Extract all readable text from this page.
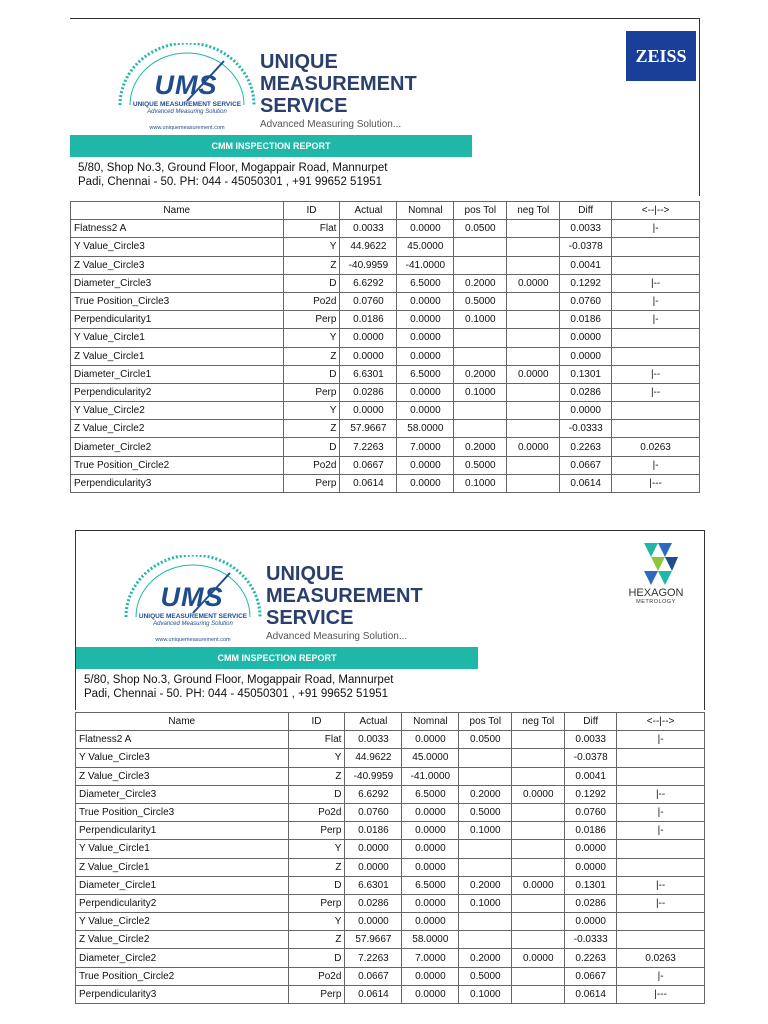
UMS
UNIQUE MEASUREMENT SERVICE
Advanced Measuring Solution
www.uniquemeasurement.com
UNIQUE
MEASUREMENT
SERVICE
Advanced Measuring Solution...
CMM INSPECTION REPORT
5/80, Shop No.3, Ground Floor, Mogappair Road, Mannurpet
Padi, Chennai - 50. PH: 044 - 45050301 , +91 99652 51951
ZEISS
Name	ID	Actual	Nomnal	pos Tol	neg Tol	Diff	<--|-->
Flatness2 A	Flat	0.0033	0.0000	0.0500		0.0033	|-
Y Value_Circle3	Y	44.9622	45.0000			-0.0378	
Z Value_Circle3	Z	-40.9959	-41.0000			0.0041	
Diameter_Circle3	D	6.6292	6.5000	0.2000	0.0000	0.1292	|--
True Position_Circle3	Po2d	0.0760	0.0000	0.5000		0.0760	|-
Perpendicularity1	Perp	0.0186	0.0000	0.1000		0.0186	|-
Y Value_Circle1	Y	0.0000	0.0000			0.0000	
Z Value_Circle1	Z	0.0000	0.0000			0.0000	
Diameter_Circle1	D	6.6301	6.5000	0.2000	0.0000	0.1301	|--
Perpendicularity2	Perp	0.0286	0.0000	0.1000		0.0286	|--
Y Value_Circle2	Y	0.0000	0.0000			0.0000	
Z Value_Circle2	Z	57.9667	58.0000			-0.0333	
Diameter_Circle2	D	7.2263	7.0000	0.2000	0.0000	0.2263	0.0263
True Position_Circle2	Po2d	0.0667	0.0000	0.5000		0.0667	|-
Perpendicularity3	Perp	0.0614	0.0000	0.1000		0.0614	|---
UMS
UNIQUE MEASUREMENT SERVICE
Advanced Measuring Solution
www.uniquemeasurement.com
UNIQUE
MEASUREMENT
SERVICE
Advanced Measuring Solution...
CMM INSPECTION REPORT
5/80, Shop No.3, Ground Floor, Mogappair Road, Mannurpet
Padi, Chennai - 50. PH: 044 - 45050301 , +91 99652 51951
HEXAGON
METROLOGY
Name	ID	Actual	Nomnal	pos Tol	neg Tol	Diff	<--|-->
Flatness2 A	Flat	0.0033	0.0000	0.0500		0.0033	|-
Y Value_Circle3	Y	44.9622	45.0000			-0.0378	
Z Value_Circle3	Z	-40.9959	-41.0000			0.0041	
Diameter_Circle3	D	6.6292	6.5000	0.2000	0.0000	0.1292	|--
True Position_Circle3	Po2d	0.0760	0.0000	0.5000		0.0760	|-
Perpendicularity1	Perp	0.0186	0.0000	0.1000		0.0186	|-
Y Value_Circle1	Y	0.0000	0.0000			0.0000	
Z Value_Circle1	Z	0.0000	0.0000			0.0000	
Diameter_Circle1	D	6.6301	6.5000	0.2000	0.0000	0.1301	|--
Perpendicularity2	Perp	0.0286	0.0000	0.1000		0.0286	|--
Y Value_Circle2	Y	0.0000	0.0000			0.0000	
Z Value_Circle2	Z	57.9667	58.0000			-0.0333	
Diameter_Circle2	D	7.2263	7.0000	0.2000	0.0000	0.2263	0.0263
True Position_Circle2	Po2d	0.0667	0.0000	0.5000		0.0667	|-
Perpendicularity3	Perp	0.0614	0.0000	0.1000		0.0614	|---
